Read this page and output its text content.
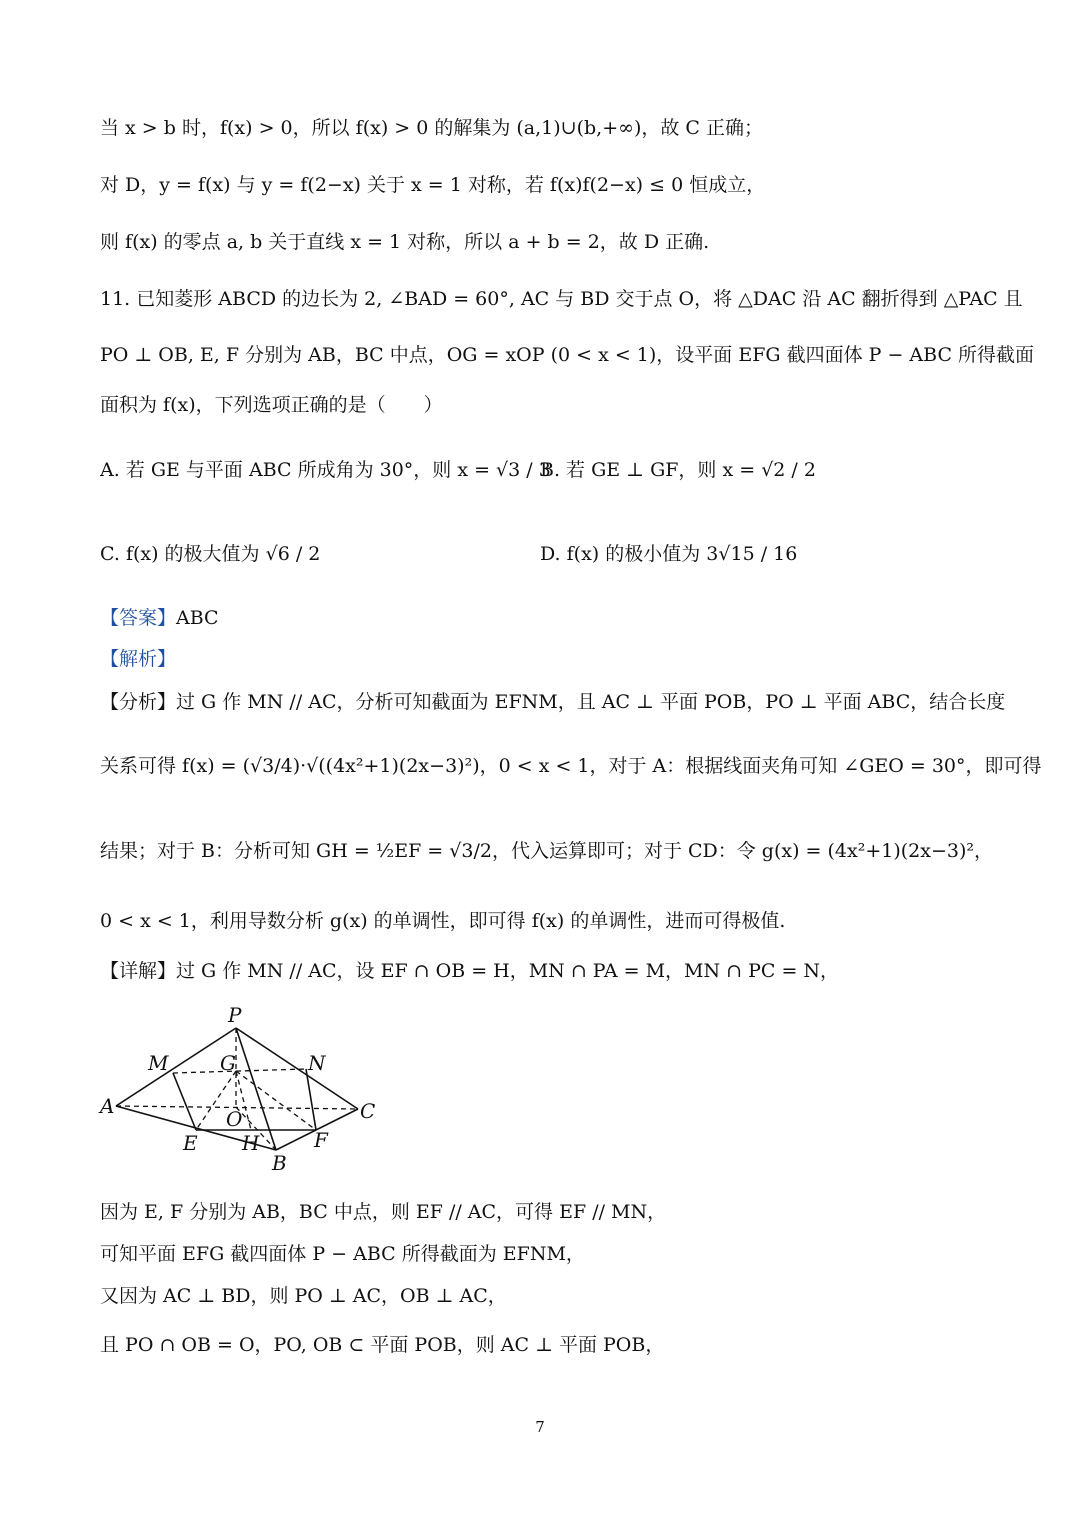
当 x > b 时，f(x) > 0，所以 f(x) > 0 的解集为 (a,1)∪(b,+∞)，故 C 正确；
对 D，y = f(x) 与 y = f(2−x) 关于 x = 1 对称，若 f(x)f(2−x) ≤ 0 恒成立，
则 f(x) 的零点 a, b 关于直线 x = 1 对称，所以 a + b = 2，故 D 正确.
11. 已知菱形 ABCD 的边长为 2, ∠BAD = 60°, AC 与 BD 交于点 O，将 △DAC 沿 AC 翻折得到 △PAC 且
PO ⊥ OB, E, F 分别为 AB，BC 中点，OG = xOP (0 < x < 1)，设平面 EFG 截四面体 P − ABC 所得截面
面积为 f(x)，下列选项正确的是（　　）
A. 若 GE 与平面 ABC 所成角为 30°，则 x = √3 / 3
B. 若 GE ⊥ GF，则 x = √2 / 2
C. f(x) 的极大值为 √6 / 2	D. f(x) 的极小值为 3√15 / 16
【答案】ABC
【解析】
【分析】过 G 作 MN // AC，分析可知截面为 EFNM，且 AC ⊥ 平面 POB，PO ⊥ 平面 ABC，结合长度
关系可得 f(x) = (√3/4)·√((4x²+1)(2x−3)²)，0 < x < 1，对于 A：根据线面夹角可知 ∠GEO = 30°，即可得
结果；对于 B：分析可知 GH = ½EF = √3/2，代入运算即可；对于 CD：令 g(x) = (4x²+1)(2x−3)²，
0 < x < 1，利用导数分析 g(x) 的单调性，即可得 f(x) 的单调性，进而可得极值.
【详解】过 G 作 MN // AC，设 EF ∩ OB = H，MN ∩ PA = M，MN ∩ PC = N，
P
M	G	N
A	C
O
E H	F
B
因为 E, F 分别为 AB，BC 中点，则 EF // AC，可得 EF // MN，
可知平面 EFG 截四面体 P − ABC 所得截面为 EFNM，
又因为 AC ⊥ BD，则 PO ⊥ AC，OB ⊥ AC，
且 PO ∩ OB = O，PO, OB ⊂ 平面 POB，则 AC ⊥ 平面 POB，
7
